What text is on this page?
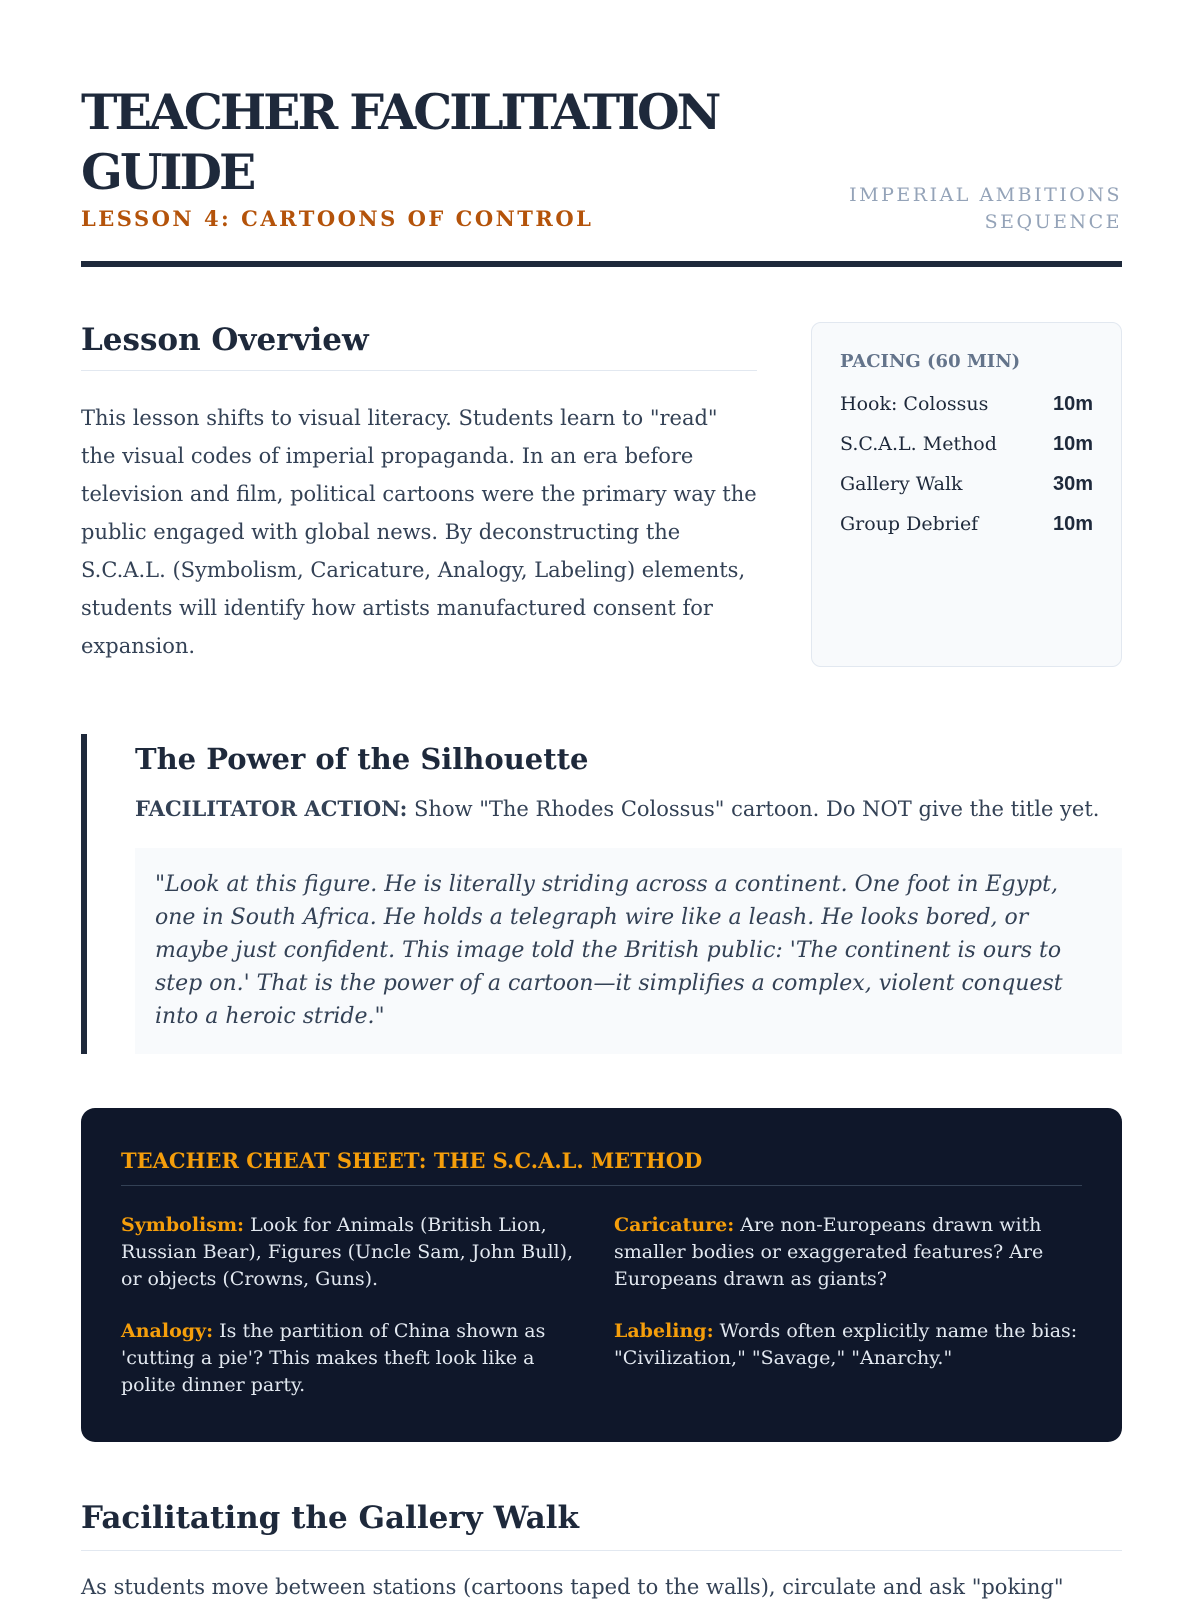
TEACHER FACILITATION GUIDE
LESSON 4: CARTOONS OF CONTROL
IMPERIAL AMBITIONS
SEQUENCE
Lesson Overview
This lesson shifts to visual literacy. Students learn to "read" the visual codes of imperial propaganda. In an era before television and film, political cartoons were the primary way the public engaged with global news. By deconstructing the S.C.A.L. (Symbolism, Caricature, Analogy, Labeling) elements, students will identify how artists manufactured consent for expansion.
PACING (60 MIN)
Hook: Colossus	10m
S.C.A.L. Method	10m
Gallery Walk	30m
Group Debrief	10m
The Power of the Silhouette
FACILITATOR ACTION: Show "The Rhodes Colossus" cartoon. Do NOT give the title yet.
"Look at this figure. He is literally striding across a continent. One foot in Egypt, one in South Africa. He holds a telegraph wire like a leash. He looks bored, or maybe just confident. This image told the British public: 'The continent is ours to step on.' That is the power of a cartoon—it simplifies a complex, violent conquest into a heroic stride."
TEACHER CHEAT SHEET: THE S.C.A.L. METHOD
Symbolism: Look for Animals (British Lion, Russian Bear), Figures (Uncle Sam, John Bull), or objects (Crowns, Guns).
Caricature: Are non-Europeans drawn with smaller bodies or exaggerated features? Are Europeans drawn as giants?
Analogy: Is the partition of China shown as 'cutting a pie'? This makes theft look like a polite dinner party.
Labeling: Words often explicitly name the bias: "Civilization," "Savage," "Anarchy."
Facilitating the Gallery Walk
As students move between stations (cartoons taped to the walls), circulate and ask "poking"
